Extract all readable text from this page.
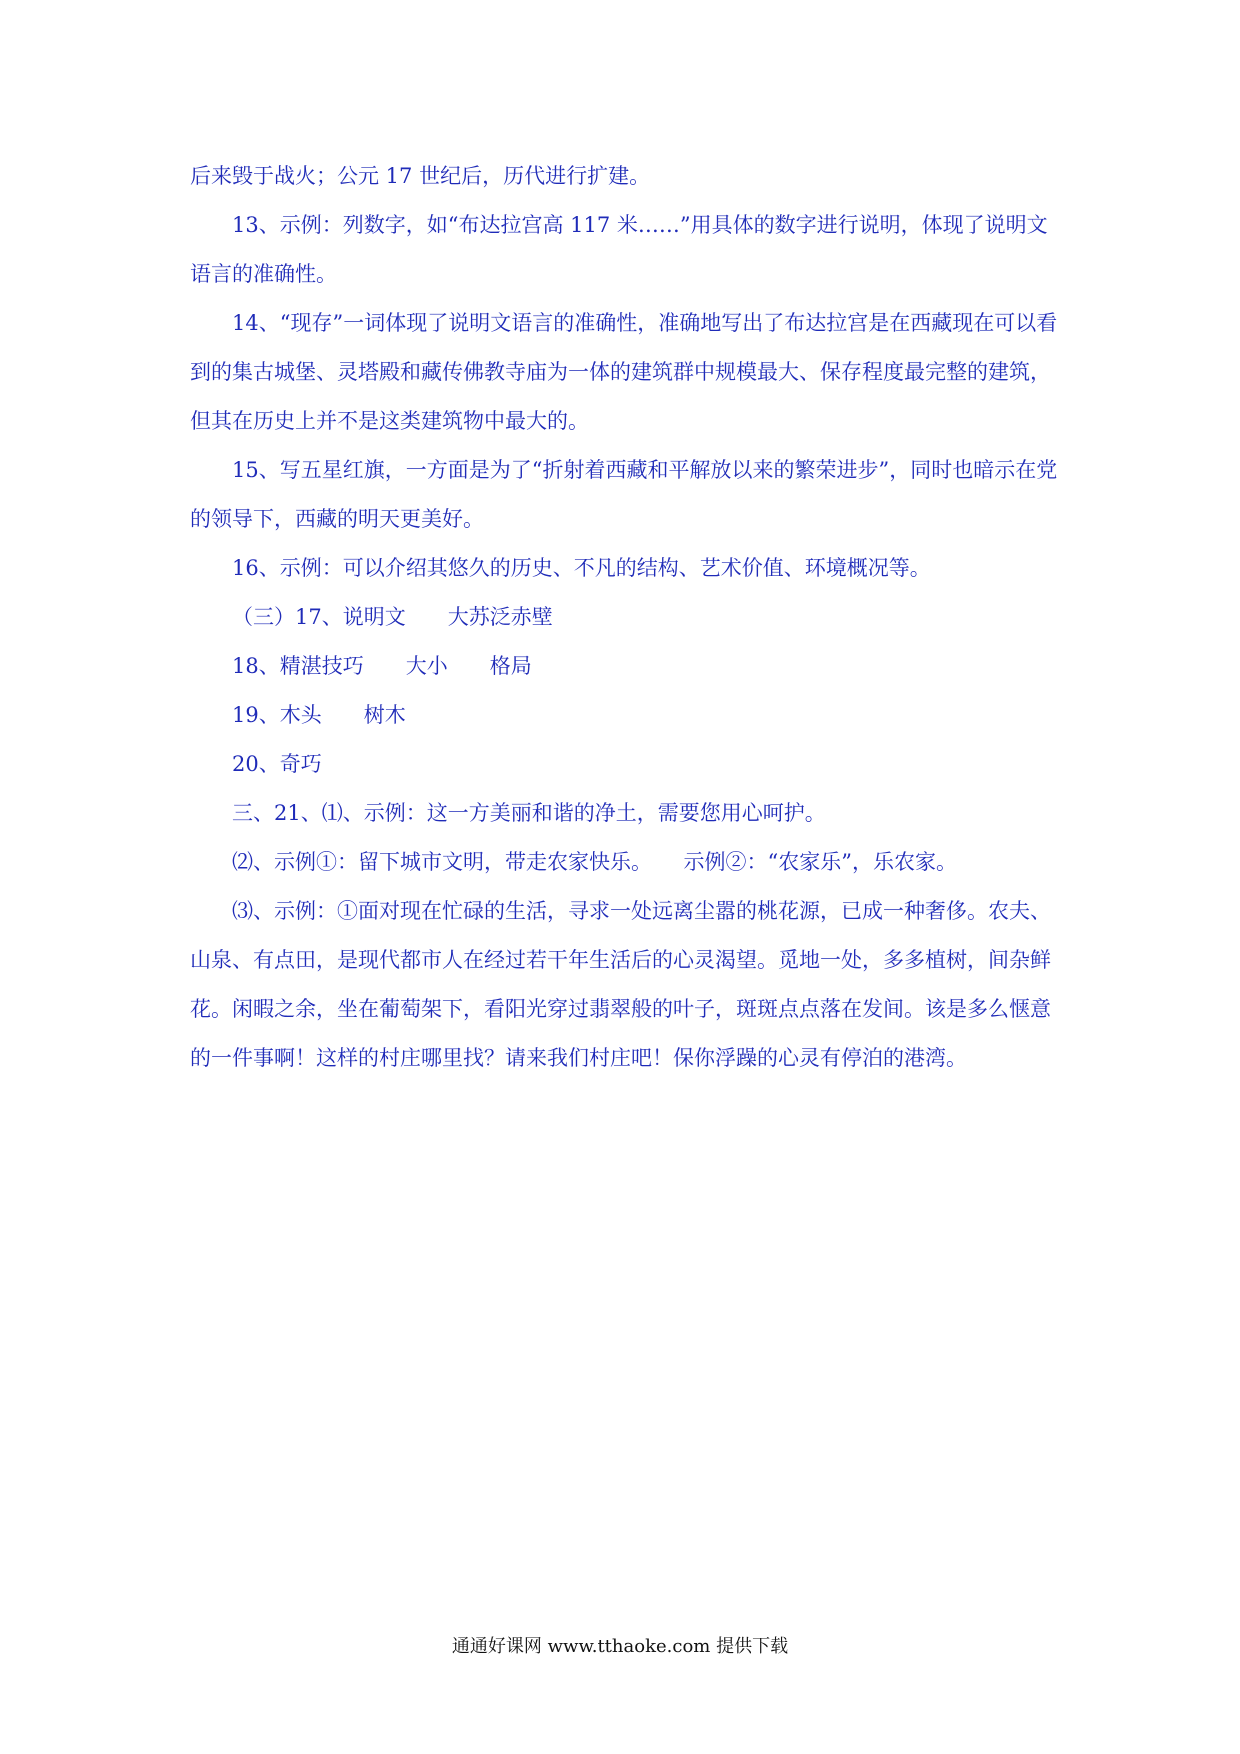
后来毁于战火；公元 17 世纪后，历代进行扩建。

13、示例：列数字，如“布达拉宫高 117 米……”用具体的数字进行说明，体现了说明文语言的准确性。

14、“现存”一词体现了说明文语言的准确性，准确地写出了布达拉宫是在西藏现在可以看到的集古城堡、灵塔殿和藏传佛教寺庙为一体的建筑群中规模最大、保存程度最完整的建筑，但其在历史上并不是这类建筑物中最大的。

15、写五星红旗，一方面是为了“折射着西藏和平解放以来的繁荣进步”，同时也暗示在党的领导下，西藏的明天更美好。

16、示例：可以介绍其悠久的历史、不凡的结构、艺术价值、环境概况等。

（三）17、说明文　　大苏泛赤壁

18、精湛技巧　　大小　　格局

19、木头　　树木

20、奇巧

三、21、⑴、示例：这一方美丽和谐的净土，需要您用心呵护。

⑵、示例①：留下城市文明，带走农家快乐。　　示例②：“农家乐”，乐农家。

⑶、示例：①面对现在忙碌的生活，寻求一处远离尘嚣的桃花源，已成一种奢侈。农夫、山泉、有点田，是现代都市人在经过若干年生活后的心灵渴望。觅地一处，多多植树，间杂鲜花。闲暇之余，坐在葡萄架下，看阳光穿过翡翠般的叶子，斑斑点点落在发间。该是多么惬意的一件事啊！这样的村庄哪里找？请来我们村庄吧！保你浮躁的心灵有停泊的港湾。

通通好课网 www.tthaoke.com 提供下载
